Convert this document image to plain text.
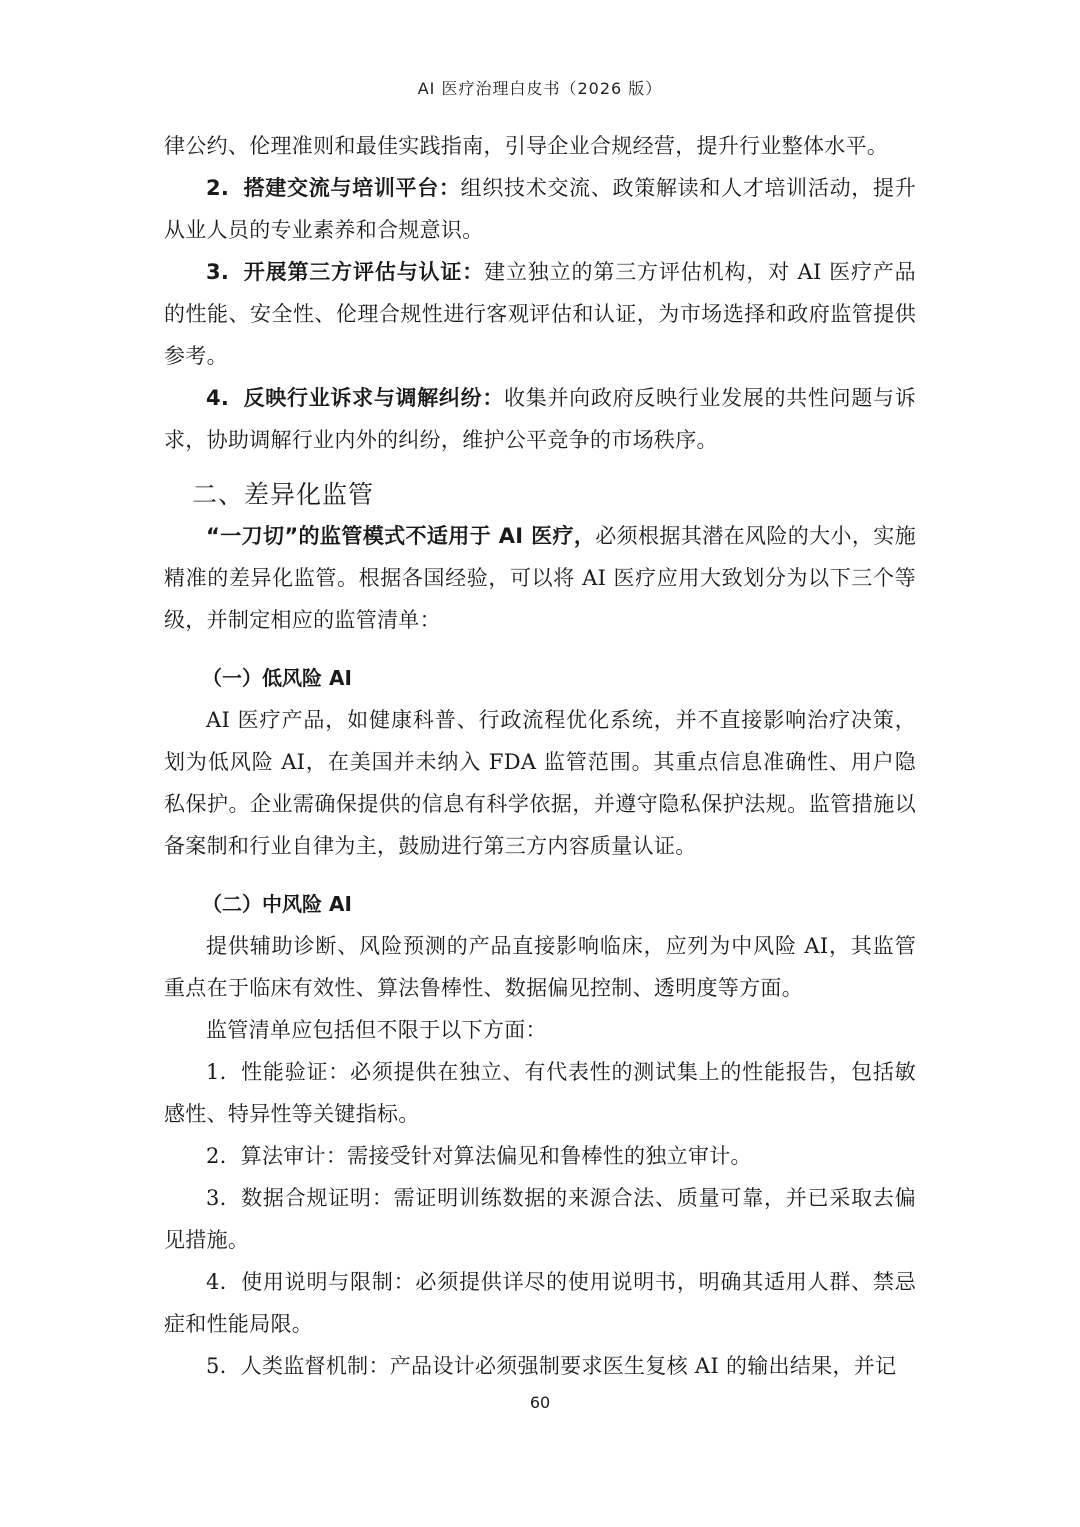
AI 医疗治理白皮书（2026 版）

律公约、伦理准则和最佳实践指南，引导企业合规经营，提升行业整体水平。

2. 搭建交流与培训平台：组织技术交流、政策解读和人才培训活动，提升从业人员的专业素养和合规意识。

3. 开展第三方评估与认证：建立独立的第三方评估机构，对 AI 医疗产品的性能、安全性、伦理合规性进行客观评估和认证，为市场选择和政府监管提供参考。

4. 反映行业诉求与调解纠纷：收集并向政府反映行业发展的共性问题与诉求，协助调解行业内外的纠纷，维护公平竞争的市场秩序。

二、差异化监管

“一刀切”的监管模式不适用于 AI 医疗，必须根据其潜在风险的大小，实施精准的差异化监管。根据各国经验，可以将 AI 医疗应用大致划分为以下三个等级，并制定相应的监管清单：

（一）低风险 AI

AI 医疗产品，如健康科普、行政流程优化系统，并不直接影响治疗决策，划为低风险 AI，在美国并未纳入 FDA 监管范围。其重点信息准确性、用户隐私保护。企业需确保提供的信息有科学依据，并遵守隐私保护法规。监管措施以备案制和行业自律为主，鼓励进行第三方内容质量认证。

（二）中风险 AI

提供辅助诊断、风险预测的产品直接影响临床，应列为中风险 AI，其监管重点在于临床有效性、算法鲁棒性、数据偏见控制、透明度等方面。

监管清单应包括但不限于以下方面：

1. 性能验证：必须提供在独立、有代表性的测试集上的性能报告，包括敏感性、特异性等关键指标。

2. 算法审计：需接受针对算法偏见和鲁棒性的独立审计。

3. 数据合规证明：需证明训练数据的来源合法、质量可靠，并已采取去偏见措施。

4. 使用说明与限制：必须提供详尽的使用说明书，明确其适用人群、禁忌症和性能局限。

5. 人类监督机制：产品设计必须强制要求医生复核 AI 的输出结果，并记

60
